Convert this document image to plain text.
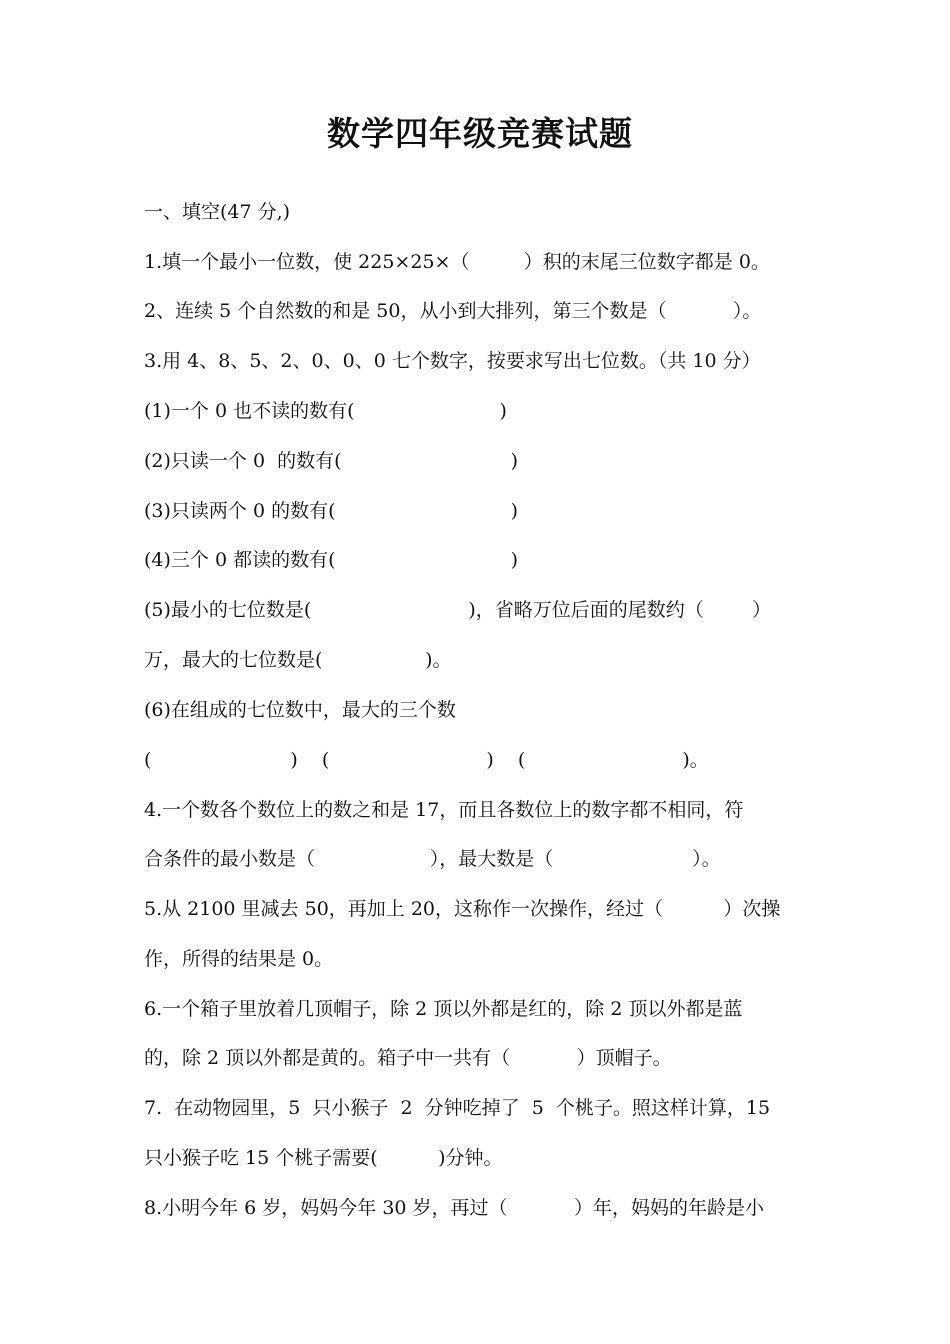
数学四年级竞赛试题
一、填空(47 分,)
1.填一个最小一位数，使 225×25×（         ）积的末尾三位数字都是 0。
2、连续 5 个自然数的和是 50，从小到大排列，第三个数是（           ）。
3.用 4、8、5、2、0、0、0 七个数字，按要求写出七位数。（共 10 分）
(1)一个 0 也不读的数有(                        )
(2)只读一个 0  的数有(                            )
(3)只读两个 0 的数有(                             )
(4)三个 0 都读的数有(                             )
(5)最小的七位数是(                          )，省略万位后面的尾数约（        ）
万，最大的七位数是(                 )。
(6)在组成的七位数中，最大的三个数
(                       )    (                          )    (                          )。
4.一个数各个数位上的数之和是 17，而且各数位上的数字都不相同，符
合条件的最小数是（                   ），最大数是（                       ）。
5.从 2100 里减去 50，再加上 20，这称作一次操作，经过（          ）次操
作，所得的结果是 0。
6.一个箱子里放着几顶帽子，除 2 顶以外都是红的，除 2 顶以外都是蓝
的，除 2 顶以外都是黄的。箱子中一共有（           ）顶帽子。
7.  在动物园里，5  只小猴子  2  分钟吃掉了  5  个桃子。照这样计算，15
只小猴子吃 15 个桃子需要(          )分钟。
8.小明今年 6 岁，妈妈今年 30 岁，再过（           ）年，妈妈的年龄是小
